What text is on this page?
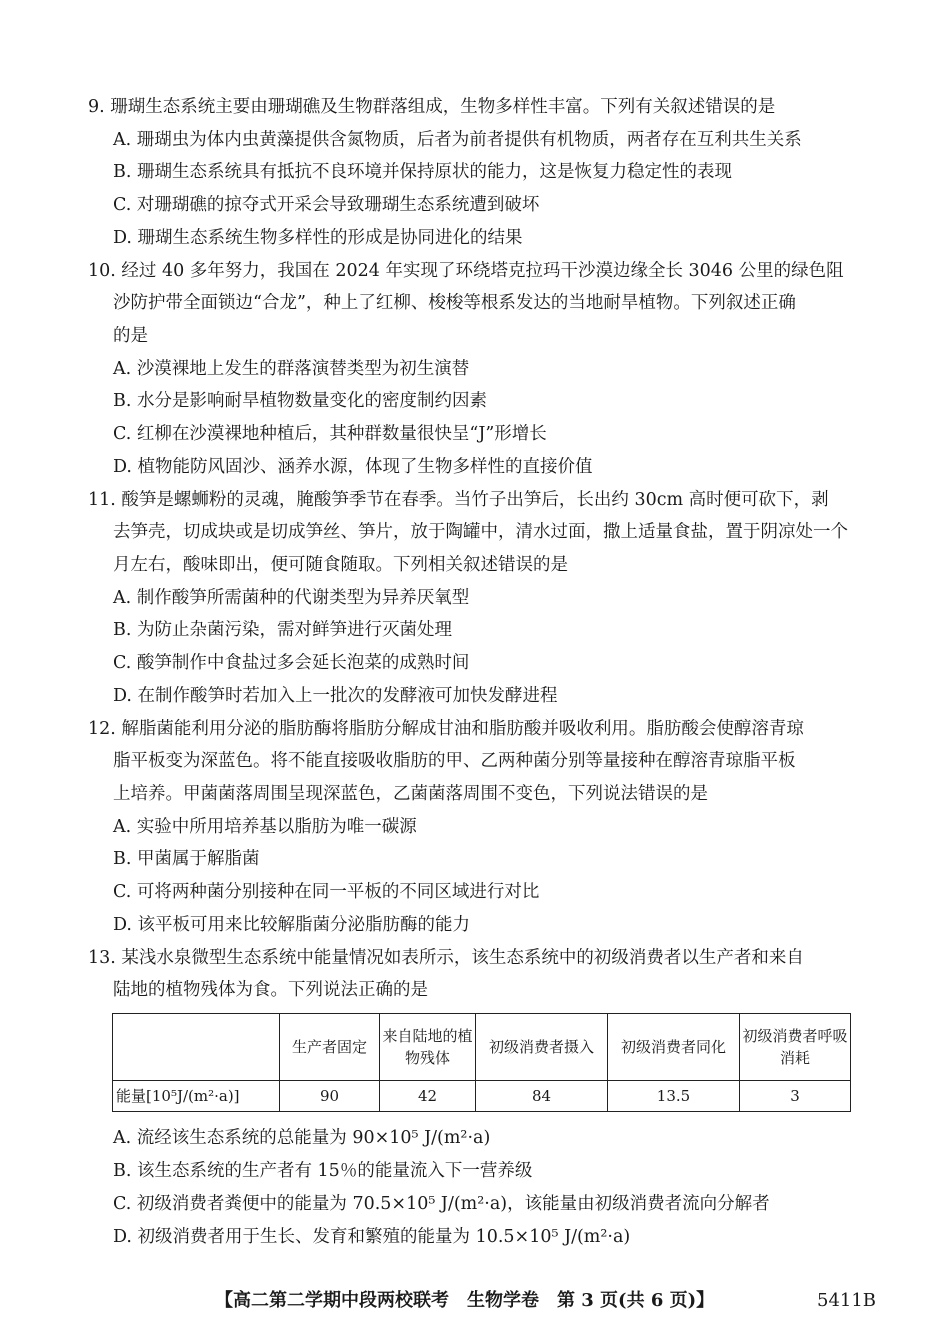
9. 珊瑚生态系统主要由珊瑚礁及生物群落组成，生物多样性丰富。下列有关叙述错误的是
A. 珊瑚虫为体内虫黄藻提供含氮物质，后者为前者提供有机物质，两者存在互利共生关系
B. 珊瑚生态系统具有抵抗不良环境并保持原状的能力，这是恢复力稳定性的表现
C. 对珊瑚礁的掠夺式开采会导致珊瑚生态系统遭到破坏
D. 珊瑚生态系统生物多样性的形成是协同进化的结果
10. 经过 40 多年努力，我国在 2024 年实现了环绕塔克拉玛干沙漠边缘全长 3046 公里的绿色阻
沙防护带全面锁边“合龙”，种上了红柳、梭梭等根系发达的当地耐旱植物。下列叙述正确
的是
A. 沙漠裸地上发生的群落演替类型为初生演替
B. 水分是影响耐旱植物数量变化的密度制约因素
C. 红柳在沙漠裸地种植后，其种群数量很快呈“J”形增长
D. 植物能防风固沙、涵养水源，体现了生物多样性的直接价值
11. 酸笋是螺蛳粉的灵魂，腌酸笋季节在春季。当竹子出笋后，长出约 30cm 高时便可砍下，剥
去笋壳，切成块或是切成笋丝、笋片，放于陶罐中，清水过面，撒上适量食盐，置于阴凉处一个
月左右，酸味即出，便可随食随取。下列相关叙述错误的是
A. 制作酸笋所需菌种的代谢类型为异养厌氧型
B. 为防止杂菌污染，需对鲜笋进行灭菌处理
C. 酸笋制作中食盐过多会延长泡菜的成熟时间
D. 在制作酸笋时若加入上一批次的发酵液可加快发酵进程
12. 解脂菌能利用分泌的脂肪酶将脂肪分解成甘油和脂肪酸并吸收利用。脂肪酸会使醇溶青琼
脂平板变为深蓝色。将不能直接吸收脂肪的甲、乙两种菌分别等量接种在醇溶青琼脂平板
上培养。甲菌菌落周围呈现深蓝色，乙菌菌落周围不变色，下列说法错误的是
A. 实验中所用培养基以脂肪为唯一碳源
B. 甲菌属于解脂菌
C. 可将两种菌分别接种在同一平板的不同区域进行对比
D. 该平板可用来比较解脂菌分泌脂肪酶的能力
13. 某浅水泉微型生态系统中能量情况如表所示，该生态系统中的初级消费者以生产者和来自
陆地的植物残体为食。下列说法正确的是
	生产者固定	来自陆地的植物残体	初级消费者摄入	初级消费者同化	初级消费者呼吸消耗
能量[10⁵J/(m²·a)]	90	42	84	13.5	3
A. 流经该生态系统的总能量为 90×10⁵ J/(m²·a)
B. 该生态系统的生产者有 15％的能量流入下一营养级
C. 初级消费者粪便中的能量为 70.5×10⁵ J/(m²·a)，该能量由初级消费者流向分解者
D. 初级消费者用于生长、发育和繁殖的能量为 10.5×10⁵ J/(m²·a)
【高二第二学期中段两校联考 生物学卷 第 3 页(共 6 页)】	5411B
